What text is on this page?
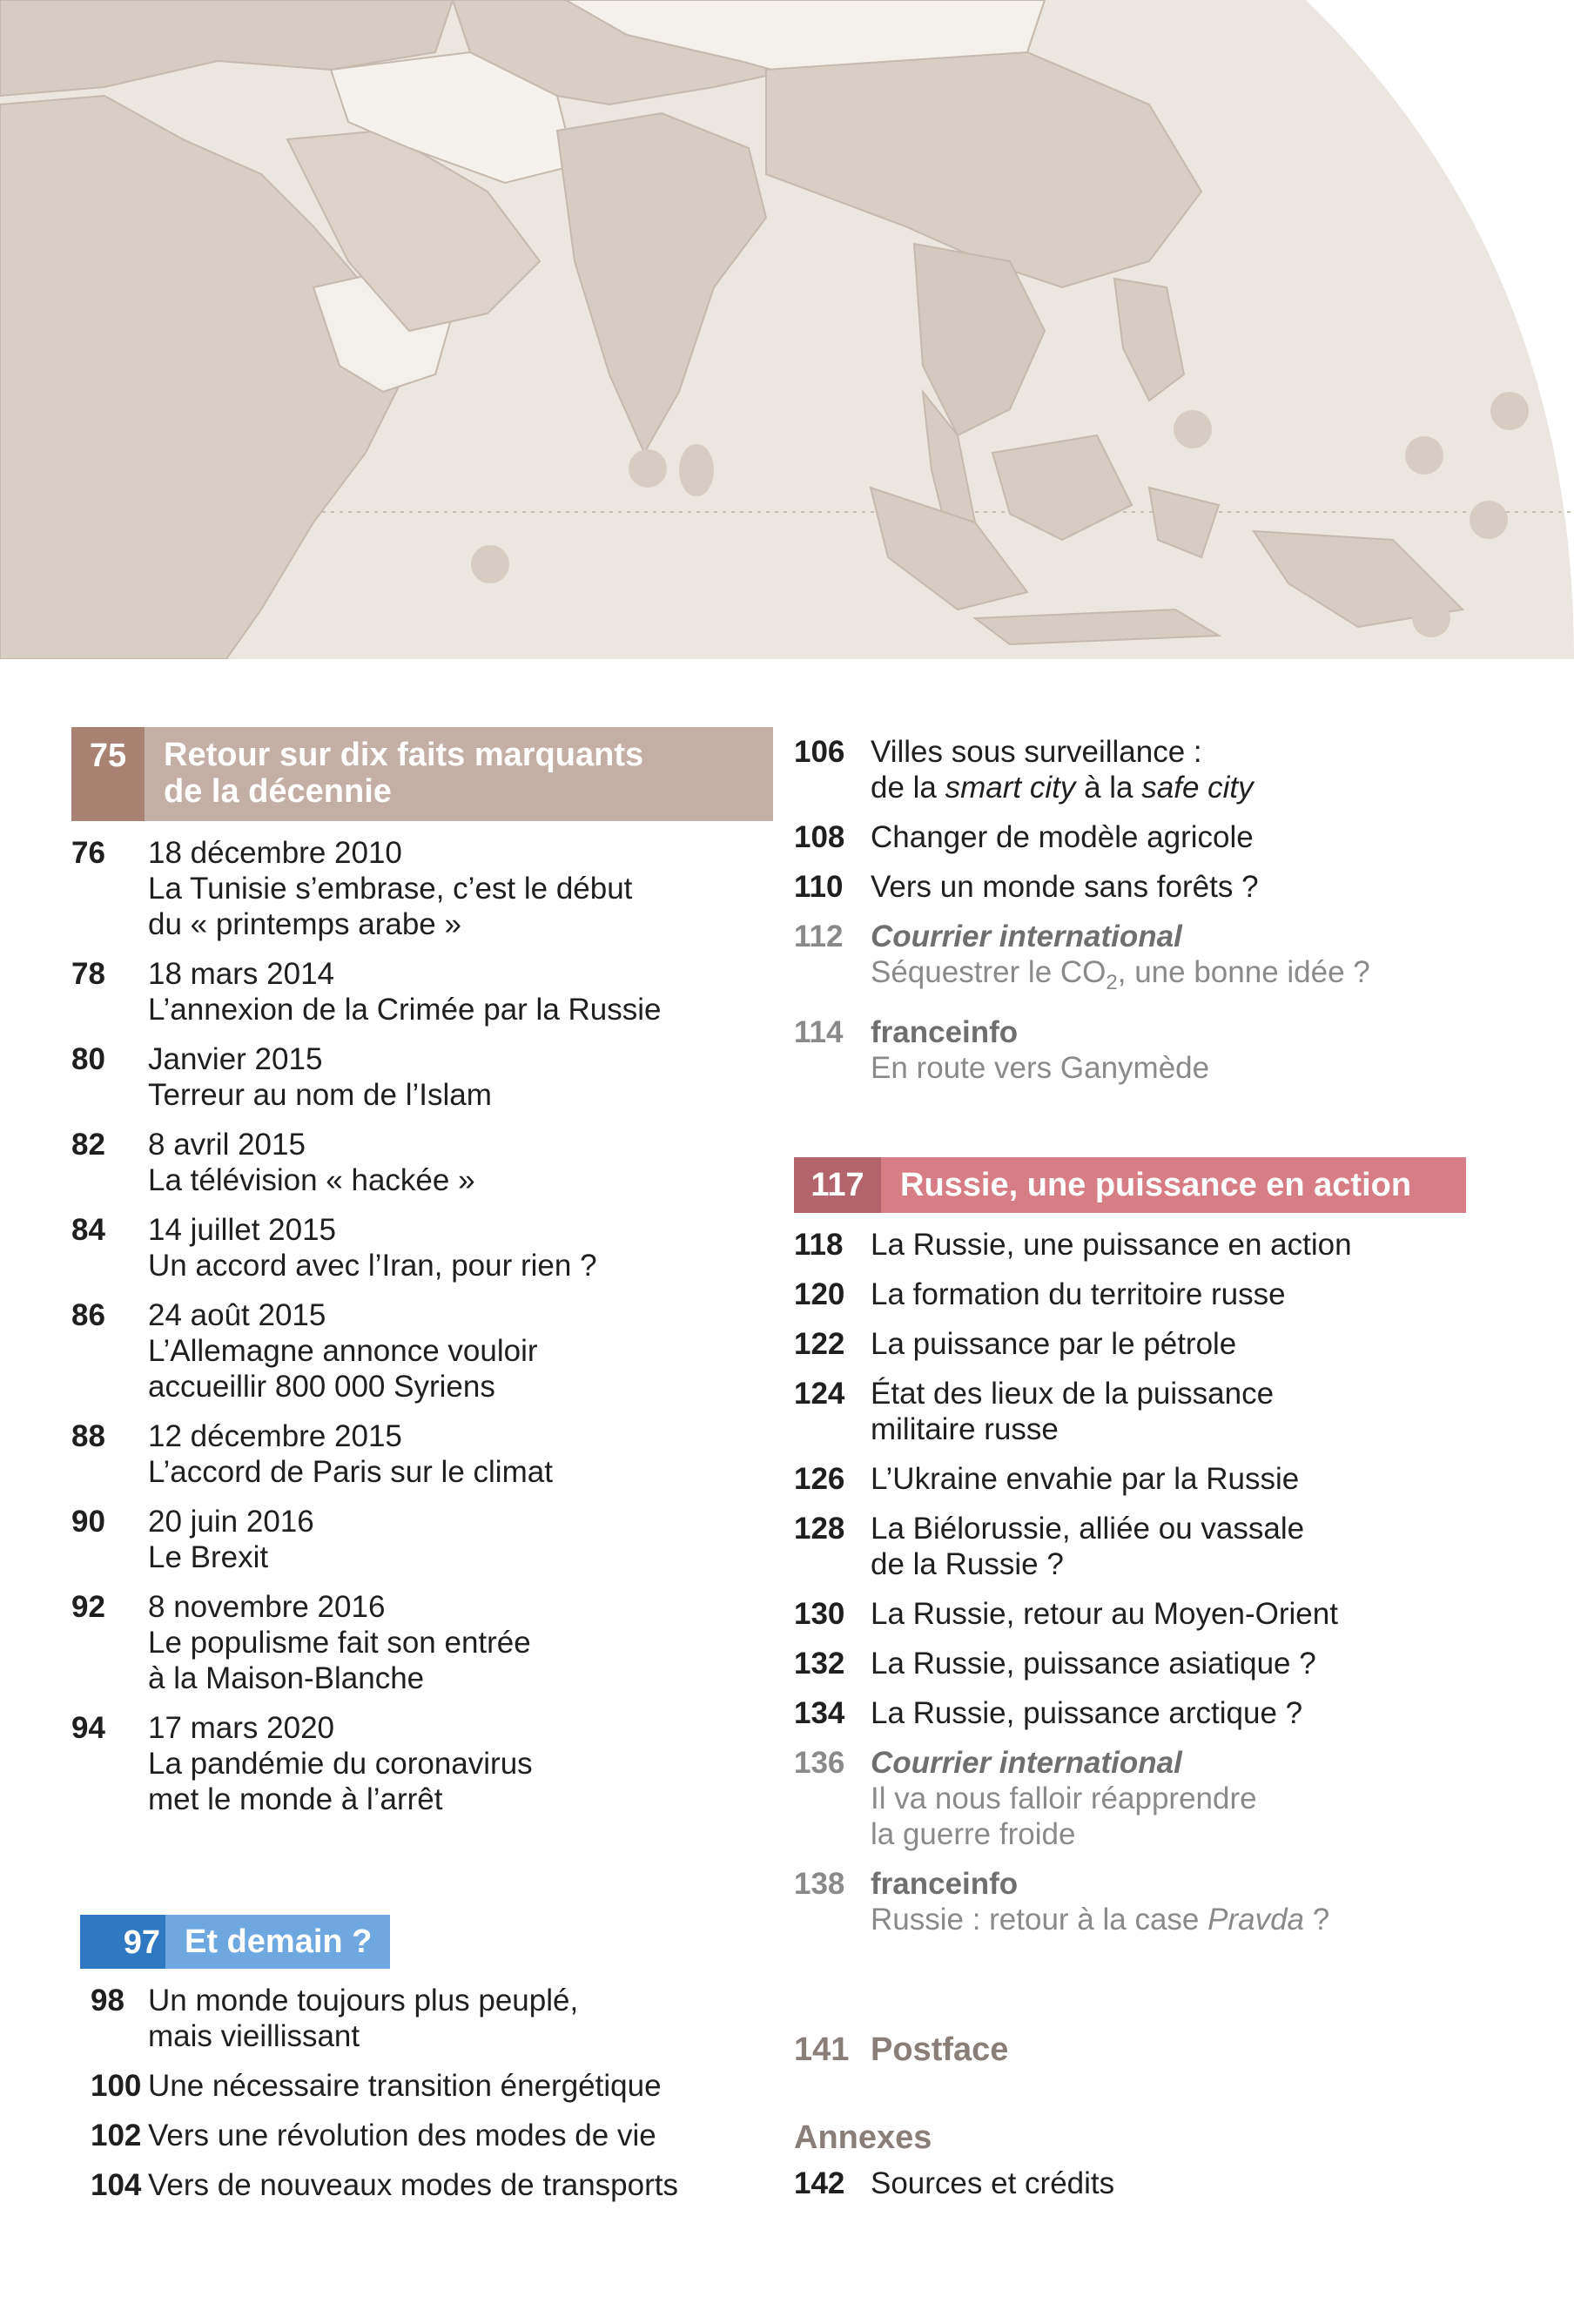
75	Retour sur dix faits marquants
de la décennie
76	18 décembre 2010
La Tunisie s’embrase, c’est le début
du « printemps arabe »
78	18 mars 2014
L’annexion de la Crimée par la Russie
80	Janvier 2015
Terreur au nom de l’Islam
82	8 avril 2015
La télévision « hackée »
84	14 juillet 2015
Un accord avec l’Iran, pour rien ?
86	24 août 2015
L’Allemagne annonce vouloir
accueillir 800 000 Syriens
88	12 décembre 2015
L’accord de Paris sur le climat
90	20 juin 2016
Le Brexit
92	8 novembre 2016
Le populisme fait son entrée
à la Maison-Blanche
94	17 mars 2020
La pandémie du coronavirus
met le monde à l’arrêt
97 Et demain ?
98 Un monde toujours plus peuplé,
mais vieillissant
100 Une nécessaire transition énergétique
102 Vers une révolution des modes de vie
104 Vers de nouveaux modes de transports
106 Villes sous surveillance :
de la smart city à la safe city
108 Changer de modèle agricole
110 Vers un monde sans forêts ?
112 Courrier international
Séquestrer le $CO_2$, une bonne idée ?
114 franceinfo
En route vers Ganymède
117	Russie, une puissance en action
118 La Russie, une puissance en action
120 La formation du territoire russe
122 La puissance par le pétrole
124 État des lieux de la puissance
militaire russe
126 L’Ukraine envahie par la Russie
128 La Biélorussie, alliée ou vassale
de la Russie ?
130 La Russie, retour au Moyen-Orient
132 La Russie, puissance asiatique ?
134 La Russie, puissance arctique ?
136 Courrier international
Il va nous falloir réapprendre
la guerre froide
138 franceinfo
Russie : retour à la case Pravda ?
141 Postface
Annexes
142 Sources et crédits
